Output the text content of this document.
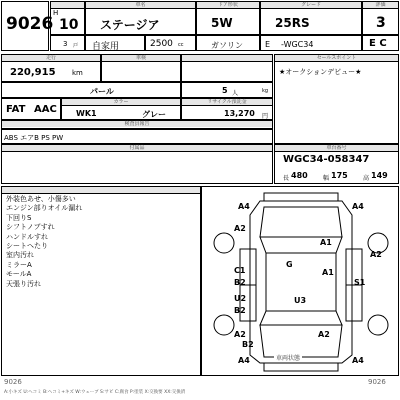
9026

H
10
車名
ステージア
ドア形状
5W
グレード
25RS
評価
3
3 戸 自家用	2500 cc	ガソリン	E -WGC34	E C
走行
220,915 km
車検

パール	5 人	kg
FAT AAC
カラー
WK1	グレー
リサイクル預託金
13,270 円
検査員報告
セールスポイント
★オークションデビュー★
ABS エアB PS PW
付属品	車台番号
WGC34-058347
長 480	幅 175	高 149

外装色あせ、小傷多い
エンジン部りオイル漏れ
下回りS
シフトノブすれ
ハンドルすれ
シートへたり
室内汚れ
ミラーA
モールA
天張り汚れ
A4	A4
A2
A1
A2
G
A1
C1
B2	S1
U2
B2
U3
A2	A2
B2
A4	A4
車両状態
9026	9026
A:小キズ U:ヘコミ B:ヘコミ+キズ W:ウェーブ S:サビ C:腐食 P:塗装 X:交換要 XX:交換済
